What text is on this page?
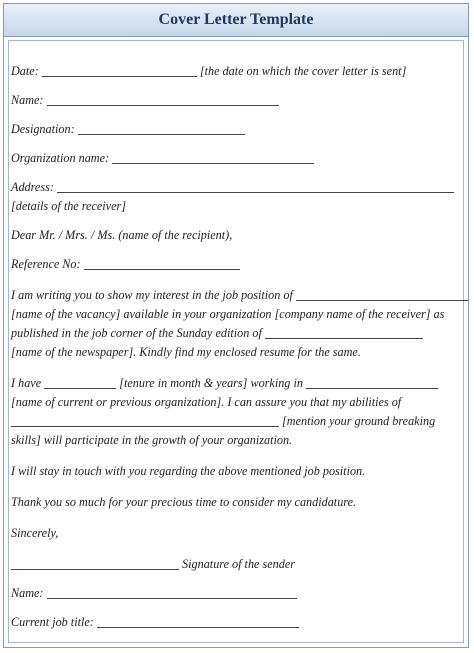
Cover Letter Template

Date:	[the date on which the cover letter is sent]

Name:

Designation:

Organization name:

Address:

[details of the receiver]

Dear Mr. / Mrs. / Ms. (name of the recipient),

Reference No:

I am writing you to show my interest in the job position of

[name of the vacancy] available in your organization [company name of the receiver] as

published in the job corner of the Sunday edition of

[name of the newspaper]. Kindly find my enclosed resume for the same.

I have	[tenure in month & years] working in

[name of current or previous organization]. I can assure you that my abilities of

[mention your ground breaking

skills] will participate in the growth of your organization.

I will stay in touch with you regarding the above mentioned job position.

Thank you so much for your precious time to consider my candidature.

Sincerely,

Signature of the sender

Name:

Current job title:
